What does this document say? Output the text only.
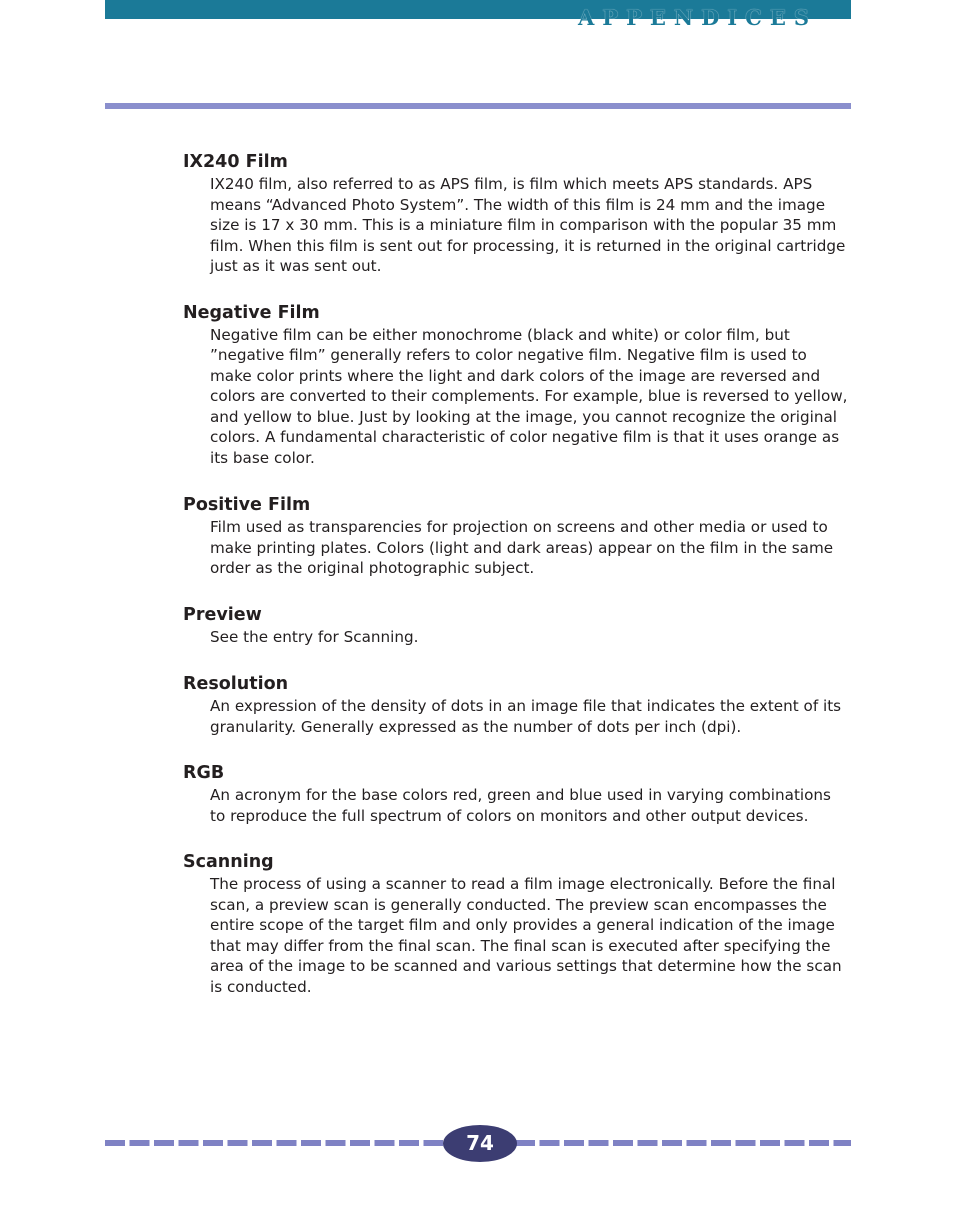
APPENDICES
IX240 Film

IX240 film, also referred to as APS film, is film which meets APS standards. APS means “Advanced Photo System”. The width of this film is 24 mm and the image size is 17 x 30 mm. This is a miniature film in comparison with the popular 35 mm film. When this film is sent out for processing, it is returned in the original cartridge just as it was sent out.

Negative Film

Negative film can be either monochrome (black and white) or color film, but ”negative film” generally refers to color negative film. Negative film is used to make color prints where the light and dark colors of the image are reversed and colors are converted to their complements. For example, blue is reversed to yellow, and yellow to blue. Just by looking at the image, you cannot recognize the original colors. A fundamental characteristic of color negative film is that it uses orange as its base color.

Positive Film

Film used as transparencies for projection on screens and other media or used to make printing plates. Colors (light and dark areas) appear on the film in the same order as the original photographic subject.

Preview

See the entry for Scanning.

Resolution

An expression of the density of dots in an image file that indicates the extent of its granularity. Generally expressed as the number of dots per inch (dpi).

RGB

An acronym for the base colors red, green and blue used in varying combinations to reproduce the full spectrum of colors on monitors and other output devices.

Scanning

The process of using a scanner to read a film image electronically. Before the final scan, a preview scan is generally conducted. The preview scan encompasses the entire scope of the target film and only provides a general indication of the image that may differ from the final scan. The final scan is executed after specifying the area of the image to be scanned and various settings that determine how the scan is conducted.

74
